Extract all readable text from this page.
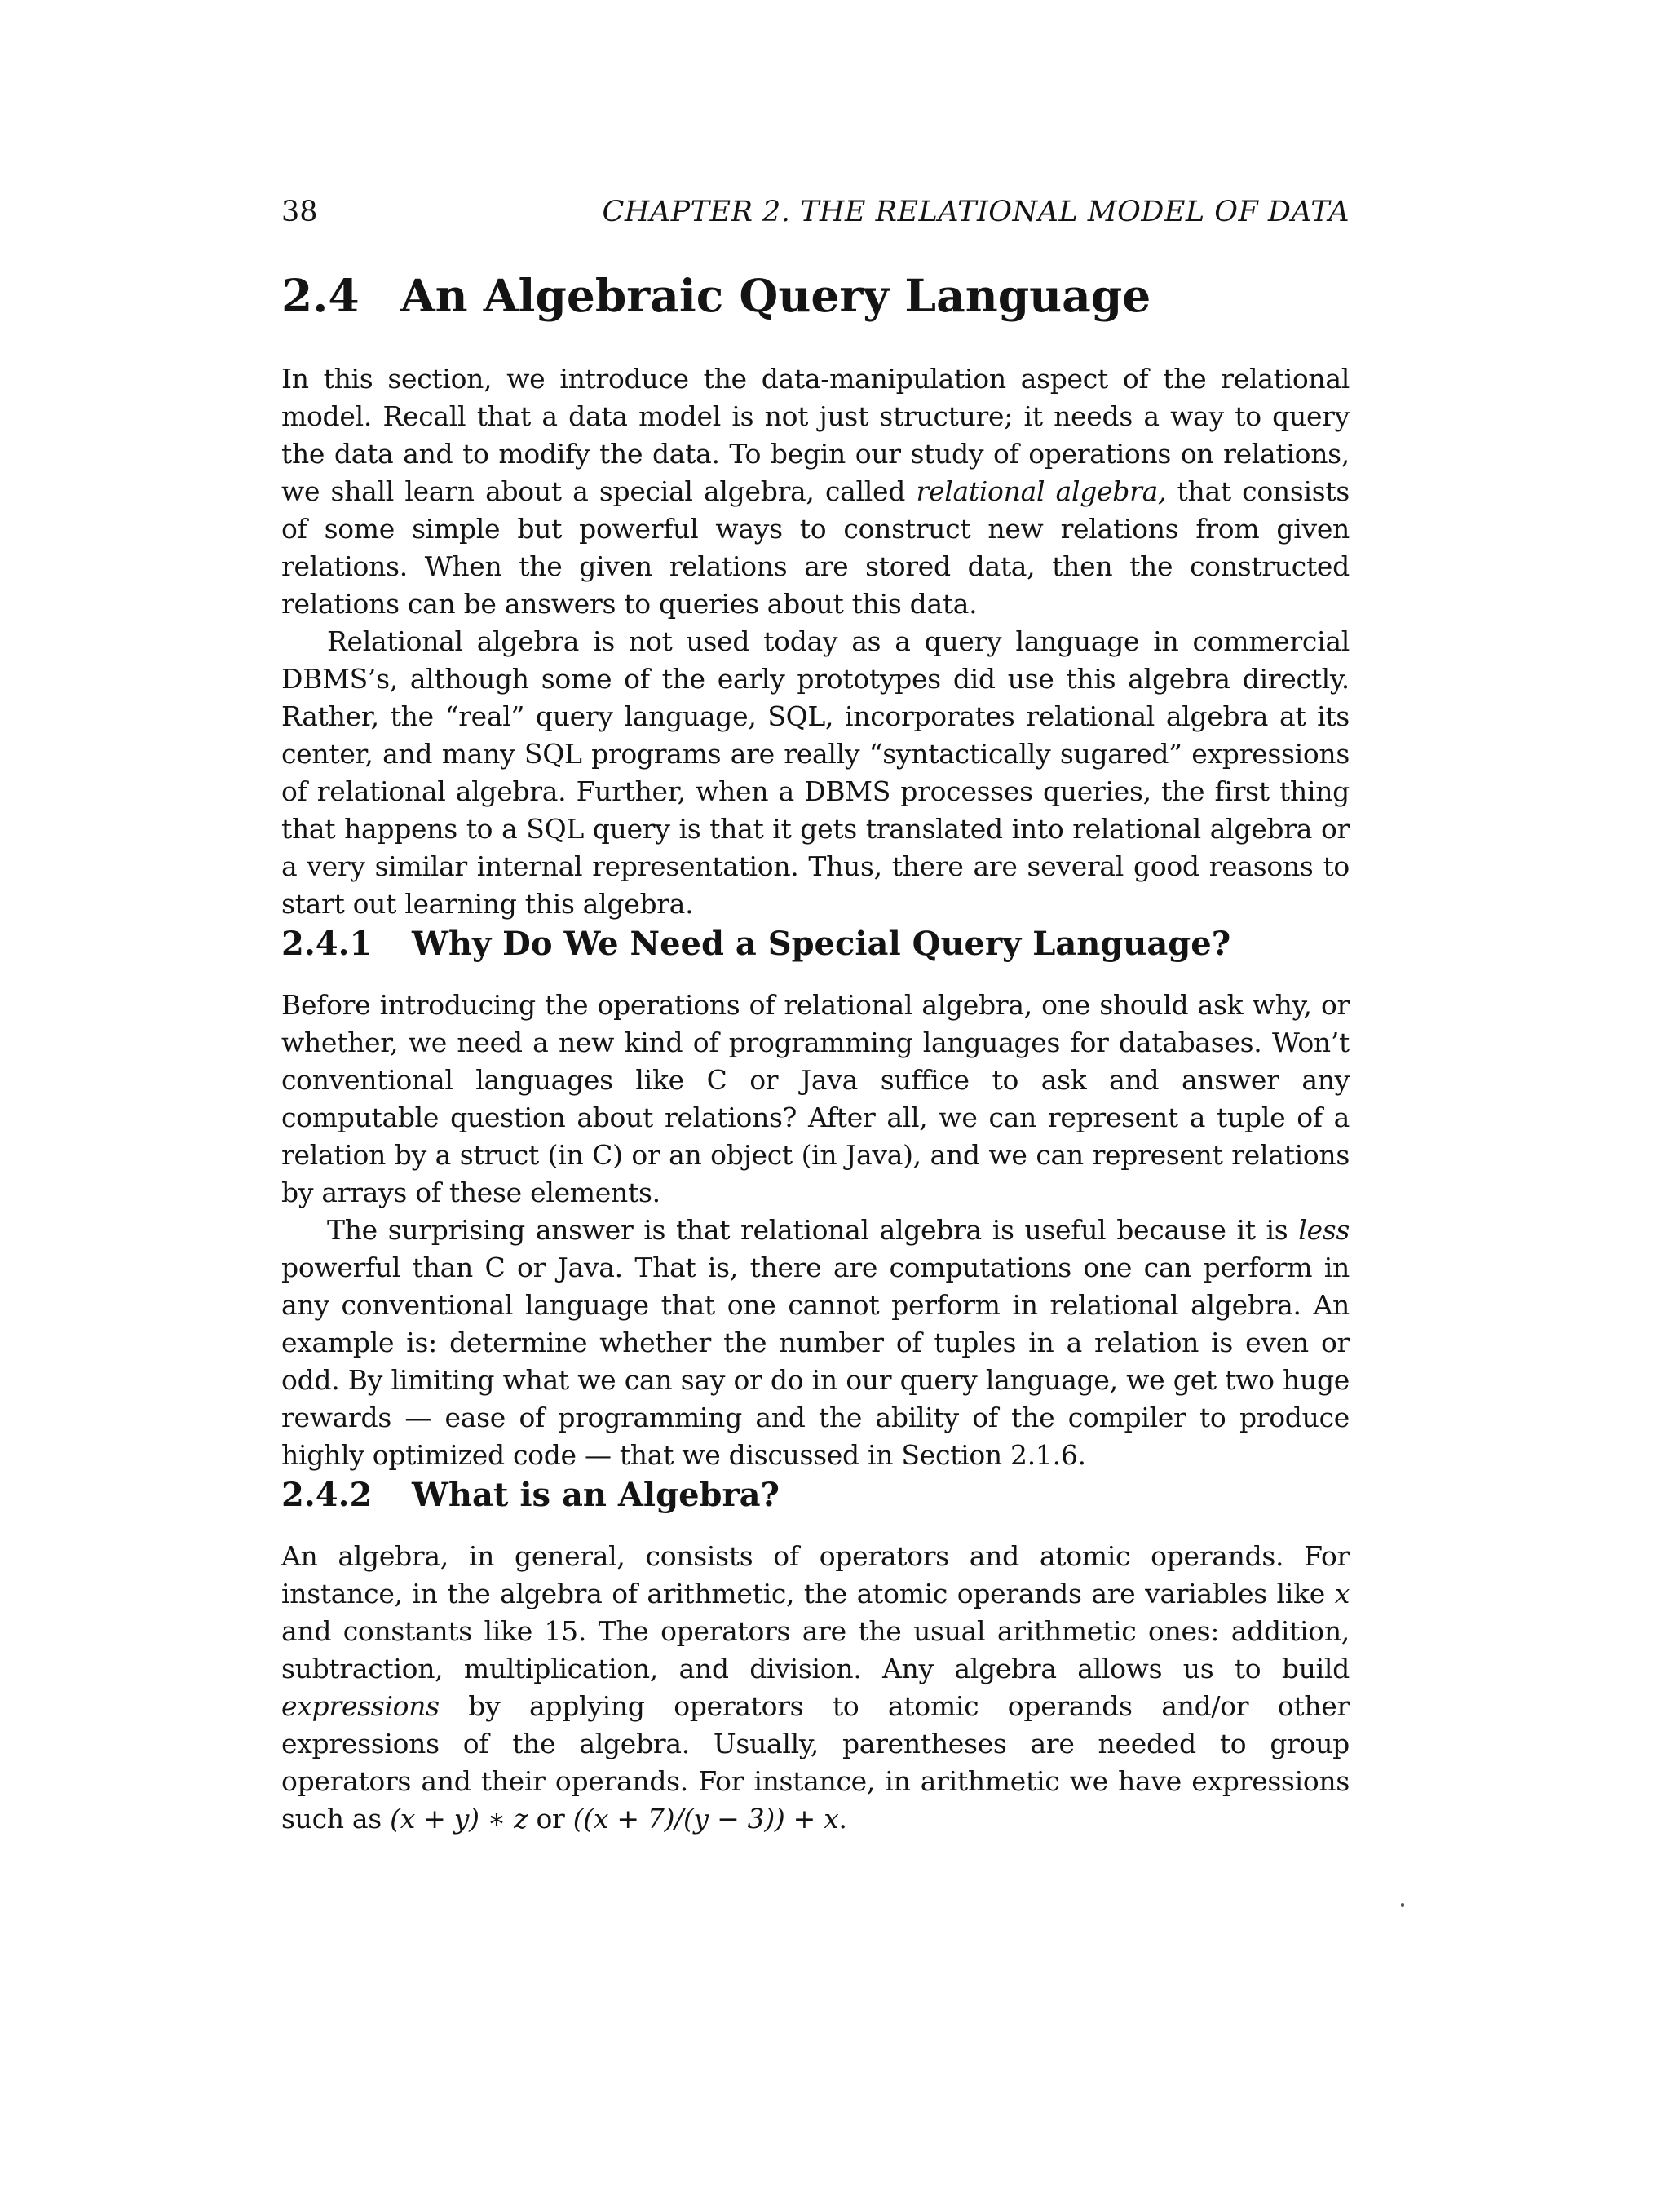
38	CHAPTER 2. THE RELATIONAL MODEL OF DATA
2.4 An Algebraic Query Language

In this section, we introduce the data-manipulation aspect of the relational model. Recall that a data model is not just structure; it needs a way to query the data and to modify the data. To begin our study of operations on relations, we shall learn about a special algebra, called relational algebra, that consists of some simple but powerful ways to construct new relations from given relations. When the given relations are stored data, then the constructed relations can be answers to queries about this data.

Relational algebra is not used today as a query language in commercial DBMS’s, although some of the early prototypes did use this algebra directly. Rather, the “real” query language, SQL, incorporates relational algebra at its center, and many SQL programs are really “syntactically sugared” expressions of relational algebra. Further, when a DBMS processes queries, the first thing that happens to a SQL query is that it gets translated into relational algebra or a very similar internal representation. Thus, there are several good reasons to start out learning this algebra.

2.4.1	Why Do We Need a Special Query Language?

Before introducing the operations of relational algebra, one should ask why, or whether, we need a new kind of programming languages for databases. Won’t conventional languages like C or Java suffice to ask and answer any computable question about relations? After all, we can represent a tuple of a relation by a struct (in C) or an object (in Java), and we can represent relations by arrays of these elements.

The surprising answer is that relational algebra is useful because it is less powerful than C or Java. That is, there are computations one can perform in any conventional language that one cannot perform in relational algebra. An example is: determine whether the number of tuples in a relation is even or odd. By limiting what we can say or do in our query language, we get two huge rewards — ease of programming and the ability of the compiler to produce highly optimized code — that we discussed in Section 2.1.6.

2.4.2	What is an Algebra?

An algebra, in general, consists of operators and atomic operands. For instance, in the algebra of arithmetic, the atomic operands are variables like x and constants like 15. The operators are the usual arithmetic ones: addition, subtraction, multiplication, and division. Any algebra allows us to build expressions by applying operators to atomic operands and/or other expressions of the algebra. Usually, parentheses are needed to group operators and their operands. For instance, in arithmetic we have expressions such as (x + y) ∗ z or ((x + 7)/(y − 3)) + x.
